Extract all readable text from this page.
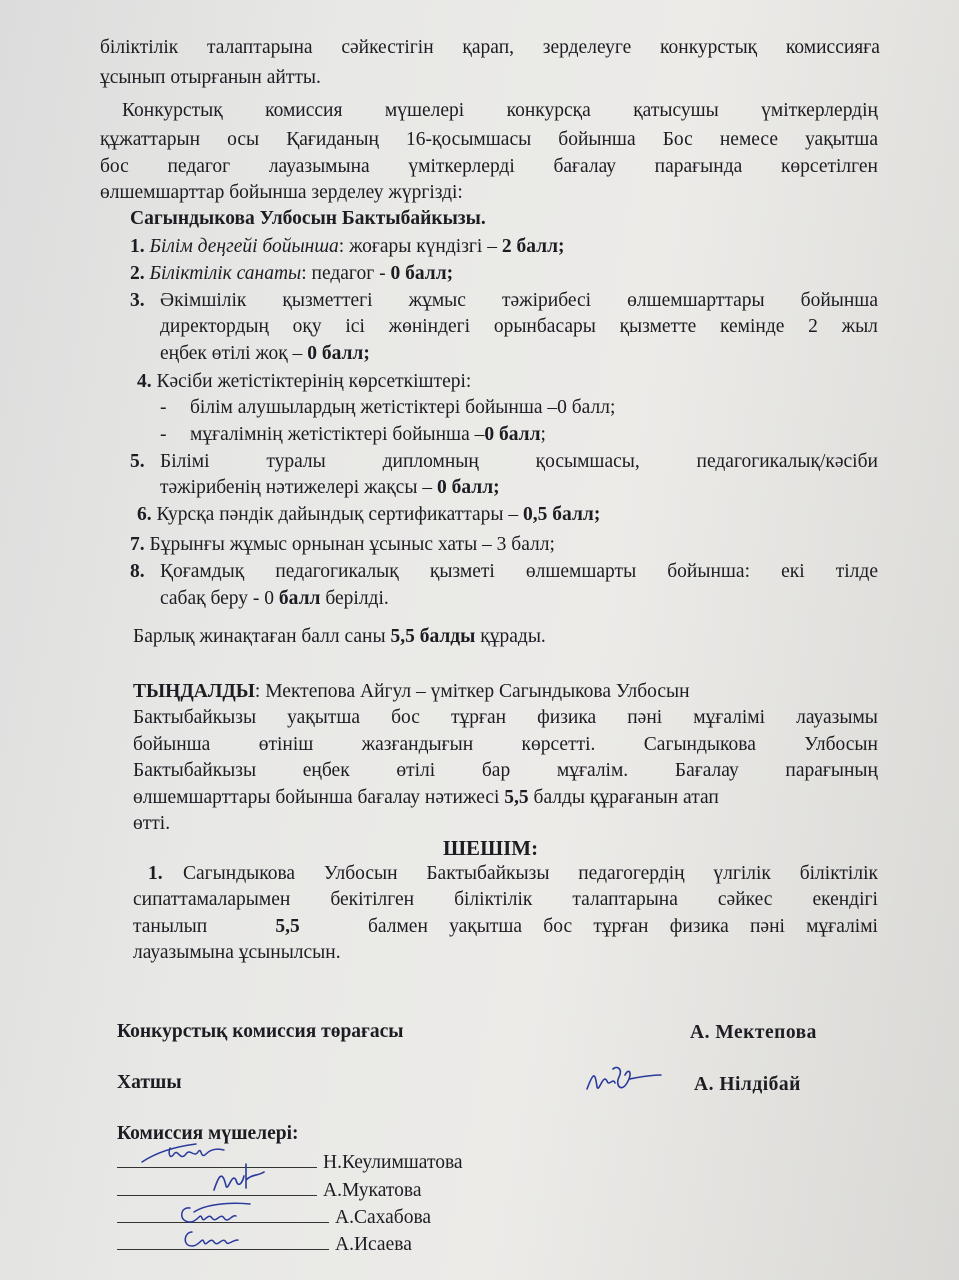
біліктілік талаптарына сәйкестігін қарап, зерделеуге конкурстық комиссияға
ұсынып отырғанын айтты.
Конкурстық комиссия мүшелері конкурсқа қатысушы үміткерлердің
құжаттарын осы Қағиданың 16-қосымшасы бойынша Бос немесе уақытша
бос педагог лауазымына үміткерлерді бағалау парағында көрсетілген
өлшемшарттар бойынша зерделеу жүргізді:
Сагындыкова Улбосын Бактыбайкызы.
1. Білім деңгейі бойынша: жоғары күндізгі – 2 балл;
2. Біліктілік санаты: педагог - 0 балл;
3. Әкімшілік қызметтегі жұмыс тәжірибесі өлшемшарттары бойынша
директордың оқу ісі жөніндегі орынбасары қызметте кемінде 2 жыл
еңбек өтілі жоқ – 0 балл;
4. Кәсіби жетістіктерінің көрсеткіштері:
- білім алушылардың жетістіктері бойынша –0 балл;
- мұғалімнің жетістіктері бойынша –0 балл;
5. Білімі	туралы	дипломның	қосымшасы,	педагогикалық/кәсіби
тәжірибенің нәтижелері жақсы – 0 балл;
6. Курсқа пәндік дайындық сертификаттары – 0,5 балл;
7. Бұрынғы жұмыс орнынан ұсыныс хаты – 3 балл;
8. Қоғамдық педагогикалық қызметі өлшемшарты бойынша: екі тілде
сабақ беру - 0 балл берілді.
Барлық жинақтаған балл саны 5,5 балды құрады.
ТЫҢДАЛДЫ: Мектепова Айгул – үміткер Сагындыкова Улбосын
Бактыбайкызы уақытша бос тұрған физика пәні мұғалімі лауазымы
бойынша өтініш жазғандығын көрсетті. Сагындыкова Улбосын
Бактыбайкызы еңбек өтілі бар мұғалім. Бағалау парағының
өлшемшарттары бойынша бағалау нәтижесі 5,5 балды құрағанын атап
өтті.
ШЕШІМ:
1. Сагындыкова Улбосын Бактыбайкызы педагогердің үлгілік біліктілік
сипаттамаларымен бекітілген біліктілік талаптарына сәйкес екендігі
танылып	5,5	балмен уақытша бос тұрған физика пәні мұғалімі
лауазымына ұсынылсын.
Конкурстық комиссия төрағасы	А. Мектепова
Хатшы	А. Нілдібай
Комиссия мүшелері:
Н.Кеулимшатова
А.Мукатова
А.Сахабова
А.Исаева
